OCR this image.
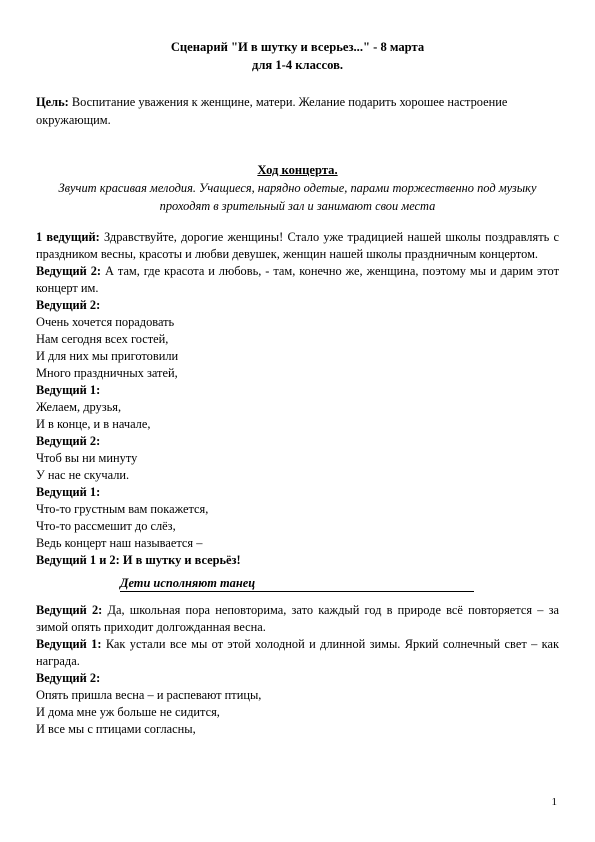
Сценарий "И в шутку и всерьез..." - 8 марта
для 1-4 классов.
Цель: Воспитание уважения к женщине, матери. Желание подарить хорошее настроение окружающим.
Ход концерта.
Звучит красивая мелодия. Учащиеся, нарядно одетые, парами торжественно под музыку проходят в зрительный зал и занимают свои места

1 ведущий: Здравствуйте, дорогие женщины! Стало уже традицией нашей школы поздравлять с праздником весны, красоты и любви девушек, женщин нашей школы праздничным концертом.

Ведущий 2: А там, где красота и любовь, - там, конечно же, женщина, поэтому мы и дарим этот концерт им.

Ведущий 2:

Очень хочется порадовать

Нам сегодня всех гостей,

И для них мы приготовили

Много праздничных затей,

Ведущий 1:

Желаем, друзья,

И в конце, и в начале,

Ведущий 2:

Чтоб вы ни минуту

У нас не скучали.

Ведущий 1:

Что-то грустным вам покажется,

Что-то рассмешит до слёз,

Ведь концерт наш называется –

Ведущий 1 и 2: И в шутку и всерьёз!

Дети исполняют танец

Ведущий 2: Да, школьная пора неповторима, зато каждый год в природе всё повторяется – за зимой опять приходит долгожданная весна.

Ведущий 1: Как устали все мы от этой холодной и длинной зимы. Яркий солнечный свет – как награда.

Ведущий 2:

Опять пришла весна – и распевают птицы,

И дома мне уж больше не сидится,

И все мы с птицами согласны,

1
